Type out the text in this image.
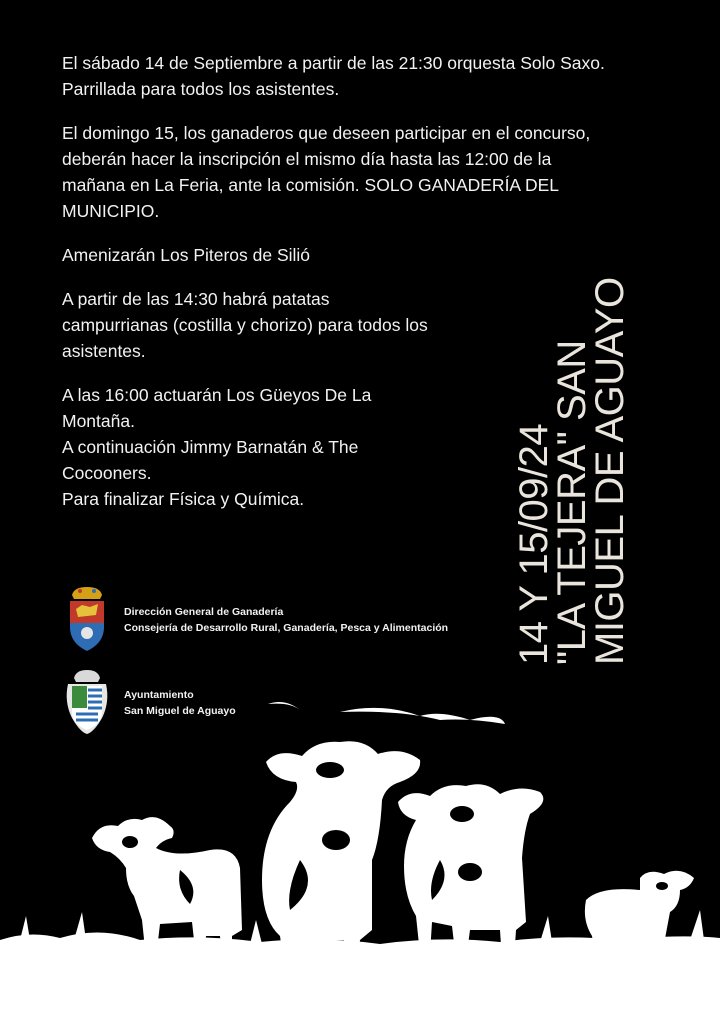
El sábado 14 de Septiembre a partir de las 21:30 orquesta Solo Saxo.
Parrillada para todos los asistentes.

El domingo 15, los ganaderos que deseen participar en el concurso,
deberán hacer la inscripción el mismo día hasta las 12:00 de la
mañana en La Feria, ante la comisión. SOLO GANADERÍA DEL
MUNICIPIO.

Amenizarán Los Piteros de Silió

A partir de las 14:30 habrá patatas
campurrianas (costilla y chorizo) para todos los
asistentes.

A las 16:00 actuarán Los Güeyos De La
Montaña.
A continuación Jimmy Barnatán & The
Cocooners.
Para finalizar Física y Química.	14 Y 15/09/24
"LA TEJERA" SAN
MIGUEL DE AGUAYO
Dirección General de Ganadería
Consejería de Desarrollo Rural, Ganadería, Pesca y Alimentación
Ayuntamiento
San Miguel de Aguayo
